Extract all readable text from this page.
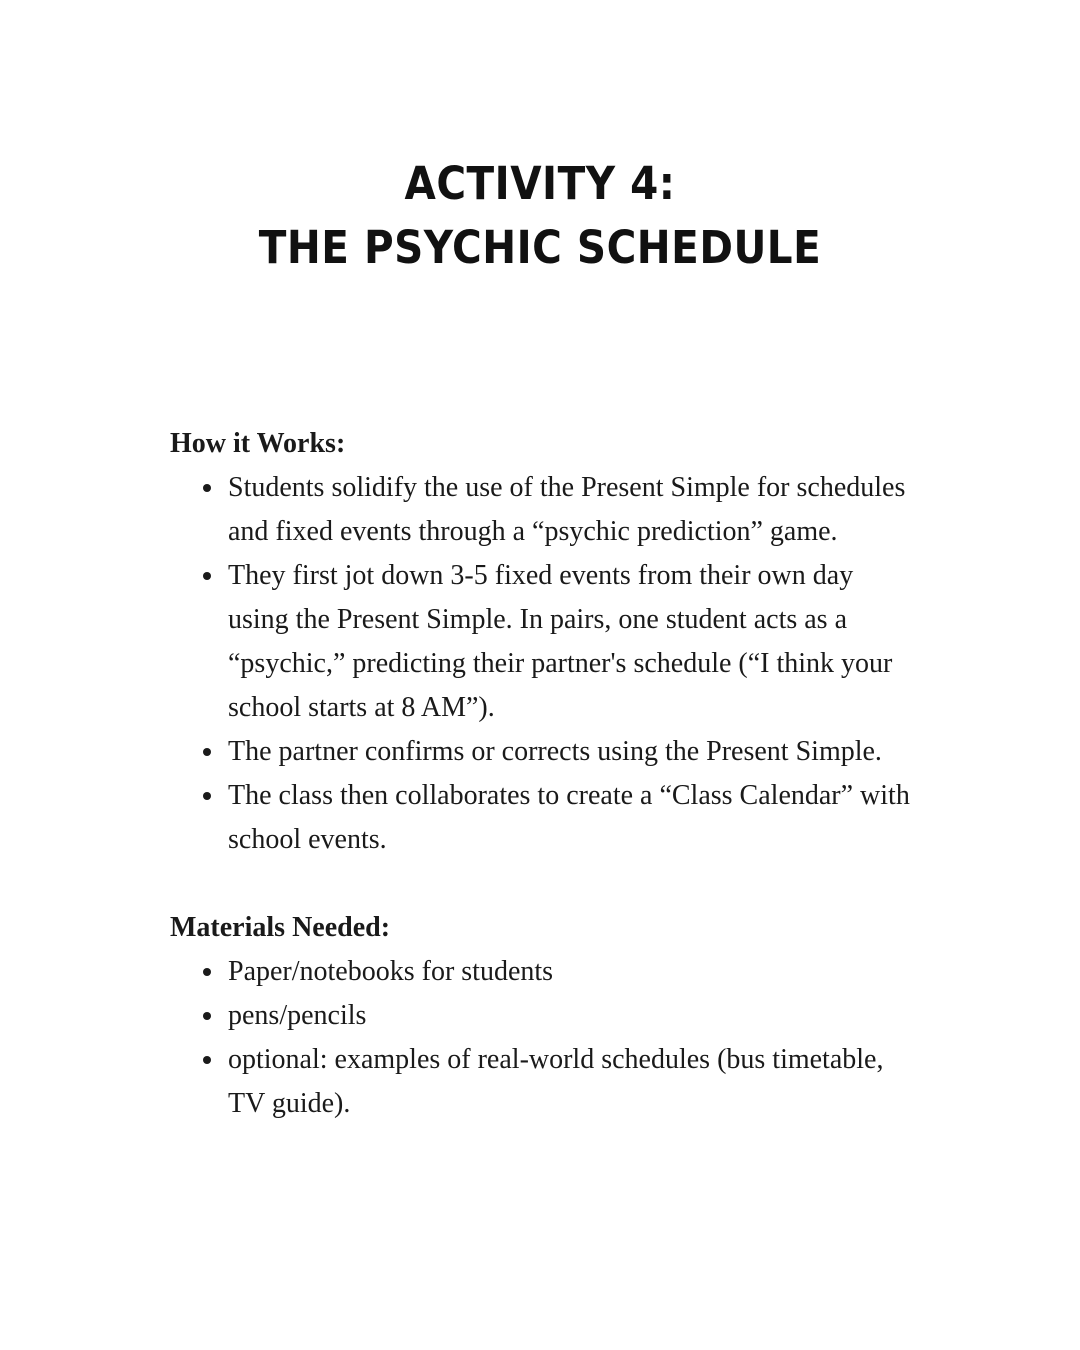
ACTIVITY 4:
THE PSYCHIC SCHEDULE
How it Works:
• Students solidify the use of the Present Simple for schedules and fixed events through a “psychic prediction” game.
• They first jot down 3-5 fixed events from their own day using the Present Simple. In pairs, one student acts as a “psychic,” predicting their partner's schedule (“I think your school starts at 8 AM”).
• The partner confirms or corrects using the Present Simple.
• The class then collaborates to create a “Class Calendar” with school events.
Materials Needed:
• Paper/notebooks for students
• pens/pencils
• optional: examples of real-world schedules (bus timetable, TV guide).
